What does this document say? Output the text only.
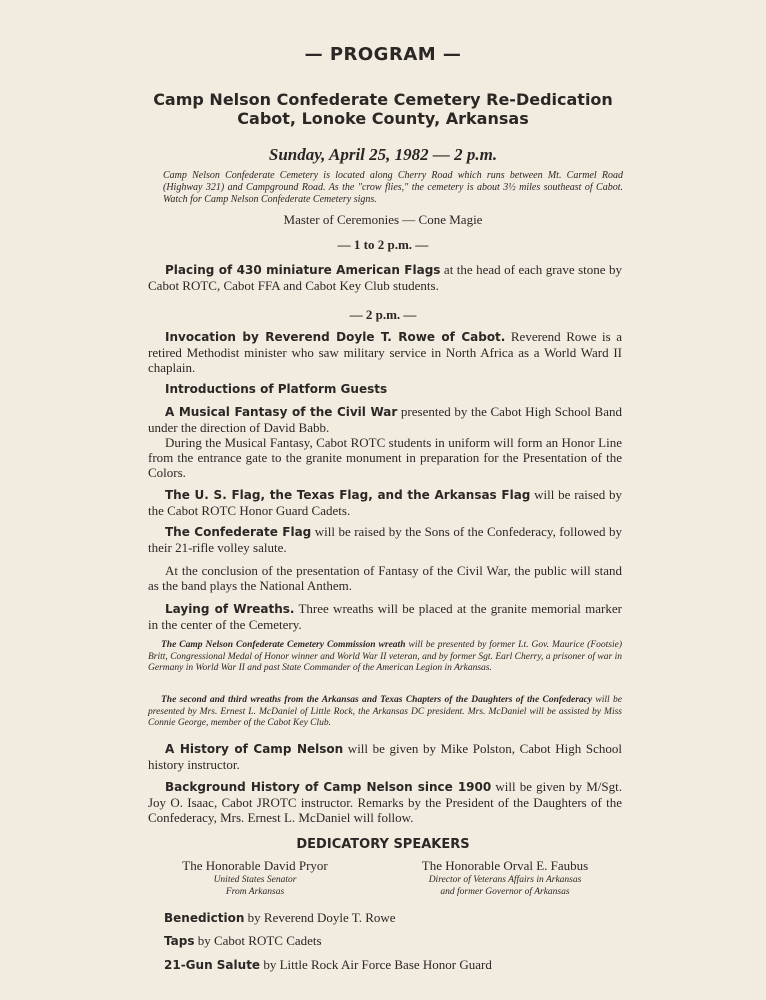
— PROGRAM —
Camp Nelson Confederate Cemetery Re-Dedication
Cabot, Lonoke County, Arkansas
Sunday, April 25, 1982 — 2 p.m.
Camp Nelson Confederate Cemetery is located along Cherry Road which runs between Mt. Carmel Road (Highway 321) and Campground Road. As the "crow flies," the cemetery is about 3½ miles southeast of Cabot. Watch for Camp Nelson Confederate Cemetery signs.
Master of Ceremonies — Cone Magie
— 1 to 2 p.m. —
Placing of 430 miniature American Flags at the head of each grave stone by Cabot ROTC, Cabot FFA and Cabot Key Club students.
— 2 p.m. —
Invocation by Reverend Doyle T. Rowe of Cabot. Reverend Rowe is a retired Methodist minister who saw military service in North Africa as a World Ward II chaplain.
Introductions of Platform Guests
A Musical Fantasy of the Civil War presented by the Cabot High School Band under the direction of David Babb.
During the Musical Fantasy, Cabot ROTC students in uniform will form an Honor Line from the entrance gate to the granite monument in preparation for the Presentation of the Colors.
The U. S. Flag, the Texas Flag, and the Arkansas Flag will be raised by the Cabot ROTC Honor Guard Cadets.
The Confederate Flag will be raised by the Sons of the Confederacy, followed by their 21-rifle volley salute.
At the conclusion of the presentation of Fantasy of the Civil War, the public will stand as the band plays the National Anthem.
Laying of Wreaths. Three wreaths will be placed at the granite memorial marker in the center of the Cemetery.
The Camp Nelson Confederate Cemetery Commission wreath will be presented by former Lt. Gov. Maurice (Footsie) Britt, Congressional Medal of Honor winner and World War II veteran, and by former Sgt. Earl Cherry, a prisoner of war in Germany in World War II and past State Commander of the American Legion in Arkansas.
The second and third wreaths from the Arkansas and Texas Chapters of the Daughters of the Confederacy will be presented by Mrs. Ernest L. McDaniel of Little Rock, the Arkansas DC president. Mrs. McDaniel will be assisted by Miss Connie George, member of the Cabot Key Club.
A History of Camp Nelson will be given by Mike Polston, Cabot High School history instructor.
Background History of Camp Nelson since 1900 will be given by M/Sgt. Joy O. Isaac, Cabot JROTC instructor. Remarks by the President of the Daughters of the Confederacy, Mrs. Ernest L. McDaniel will follow.
DEDICATORY SPEAKERS
The Honorable David Pryor
United States Senator
From Arkansas
The Honorable Orval E. Faubus
Director of Veterans Affairs in Arkansas
and former Governor of Arkansas
Benediction by Reverend Doyle T. Rowe
Taps by Cabot ROTC Cadets
21-Gun Salute by Little Rock Air Force Base Honor Guard
